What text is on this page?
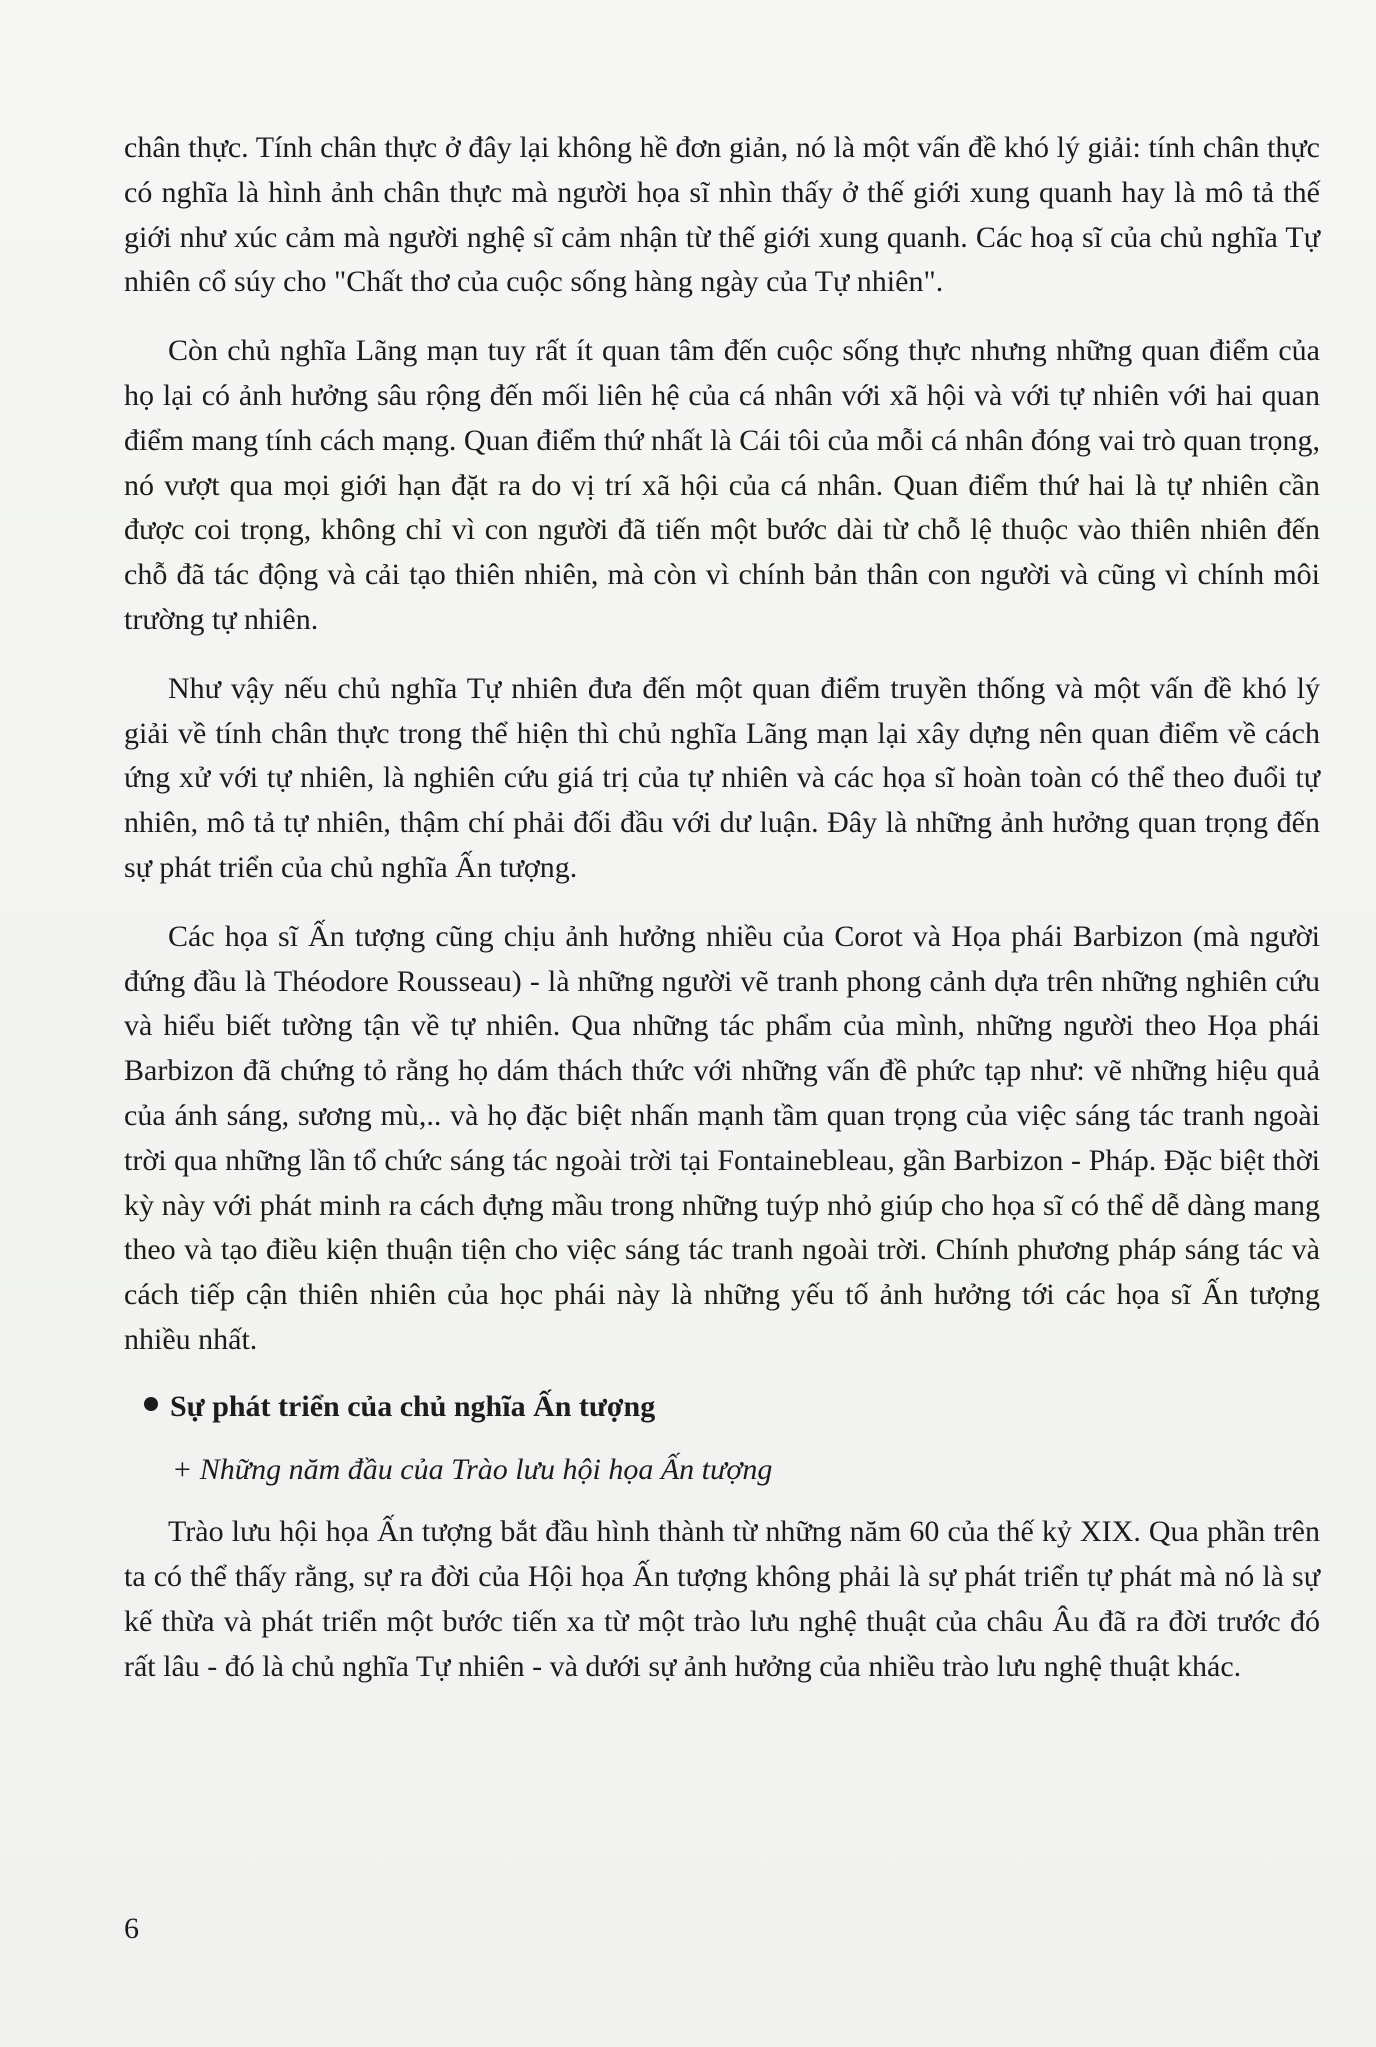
chân thực. Tính chân thực ở đây lại không hề đơn giản, nó là một vấn đề khó lý giải: tính chân thực có nghĩa là hình ảnh chân thực mà người họa sĩ nhìn thấy ở thế giới xung quanh hay là mô tả thế giới như xúc cảm mà người nghệ sĩ cảm nhận từ thế giới xung quanh. Các hoạ sĩ của chủ nghĩa Tự nhiên cổ súy cho "Chất thơ của cuộc sống hàng ngày của Tự nhiên".

Còn chủ nghĩa Lãng mạn tuy rất ít quan tâm đến cuộc sống thực nhưng những quan điểm của họ lại có ảnh hưởng sâu rộng đến mối liên hệ của cá nhân với xã hội và với tự nhiên với hai quan điểm mang tính cách mạng. Quan điểm thứ nhất là Cái tôi của mỗi cá nhân đóng vai trò quan trọng, nó vượt qua mọi giới hạn đặt ra do vị trí xã hội của cá nhân. Quan điểm thứ hai là tự nhiên cần được coi trọng, không chỉ vì con người đã tiến một bước dài từ chỗ lệ thuộc vào thiên nhiên đến chỗ đã tác động và cải tạo thiên nhiên, mà còn vì chính bản thân con người và cũng vì chính môi trường tự nhiên.

Như vậy nếu chủ nghĩa Tự nhiên đưa đến một quan điểm truyền thống và một vấn đề khó lý giải về tính chân thực trong thể hiện thì chủ nghĩa Lãng mạn lại xây dựng nên quan điểm về cách ứng xử với tự nhiên, là nghiên cứu giá trị của tự nhiên và các họa sĩ hoàn toàn có thể theo đuổi tự nhiên, mô tả tự nhiên, thậm chí phải đối đầu với dư luận. Đây là những ảnh hưởng quan trọng đến sự phát triển của chủ nghĩa Ấn tượng.

Các họa sĩ Ấn tượng cũng chịu ảnh hưởng nhiều của Corot và Họa phái Barbizon (mà người đứng đầu là Théodore Rousseau) - là những người vẽ tranh phong cảnh dựa trên những nghiên cứu và hiểu biết tường tận về tự nhiên. Qua những tác phẩm của mình, những người theo Họa phái Barbizon đã chứng tỏ rằng họ dám thách thức với những vấn đề phức tạp như: vẽ những hiệu quả của ánh sáng, sương mù,.. và họ đặc biệt nhấn mạnh tầm quan trọng của việc sáng tác tranh ngoài trời qua những lần tổ chức sáng tác ngoài trời tại Fontainebleau, gần Barbizon - Pháp. Đặc biệt thời kỳ này với phát minh ra cách đựng mầu trong những tuýp nhỏ giúp cho họa sĩ có thể dễ dàng mang theo và tạo điều kiện thuận tiện cho việc sáng tác tranh ngoài trời. Chính phương pháp sáng tác và cách tiếp cận thiên nhiên của học phái này là những yếu tố ảnh hưởng tới các họa sĩ Ấn tượng nhiều nhất.

Sự phát triển của chủ nghĩa Ấn tượng
+ Những năm đầu của Trào lưu hội họa Ấn tượng

Trào lưu hội họa Ấn tượng bắt đầu hình thành từ những năm 60 của thế kỷ XIX. Qua phần trên ta có thể thấy rằng, sự ra đời của Hội họa Ấn tượng không phải là sự phát triển tự phát mà nó là sự kế thừa và phát triển một bước tiến xa từ một trào lưu nghệ thuật của châu Âu đã ra đời trước đó rất lâu - đó là chủ nghĩa Tự nhiên - và dưới sự ảnh hưởng của nhiều trào lưu nghệ thuật khác.

6
